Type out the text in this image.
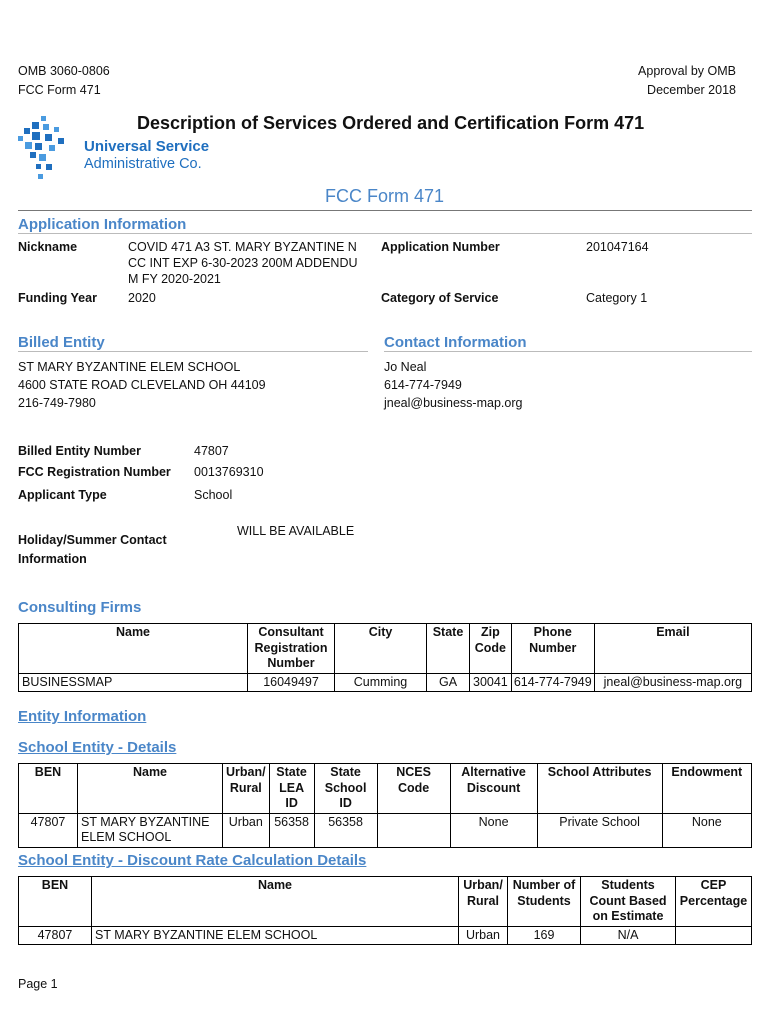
OMB 3060-0806
FCC Form 471
Approval by OMB
December 2018
Universal Service
Administrative Co.
Description of Services Ordered and Certification Form 471
FCC Form 471
Application Information
Nickname	COVID 471 A3 ST. MARY BYZANTINE N
CC INT EXP 6-30-2023 200M ADDENDU
M FY 2020-2021
Application Number	201047164
Funding Year 2020	Category of Service	Category 1
Billed Entity	Contact Information
ST MARY BYZANTINE ELEM SCHOOL
4600 STATE ROAD CLEVELAND OH 44109
216-749-7980
Jo Neal
614-774-7949
jneal@business-map.org
Billed Entity Number	47807
FCC Registration Number 0013769310
Applicant Type	School
Holiday/Summer Contact
Information
WILL BE AVAILABLE
Consulting Firms
Name	Consultant
Registration
Number	City	State	Zip
Code	Phone
Number	Email
BUSINESSMAP	16049497	Cumming	GA	30041	614-774-7949	jneal@business-map.org
Entity Information
School Entity - Details
BEN	Name	Urban/
Rural	State
LEA ID	State
School ID	NCES Code	Alternative
Discount	School Attributes	Endowment
47807	ST MARY BYZANTINE
ELEM SCHOOL	Urban	56358	56358		None	Private School	None
School Entity - Discount Rate Calculation Details
BEN	Name	Urban/
Rural	Number of
Students	Students
Count Based
on Estimate	CEP
Percentage
47807	ST MARY BYZANTINE ELEM SCHOOL	Urban	169	N/A	
Page 1
